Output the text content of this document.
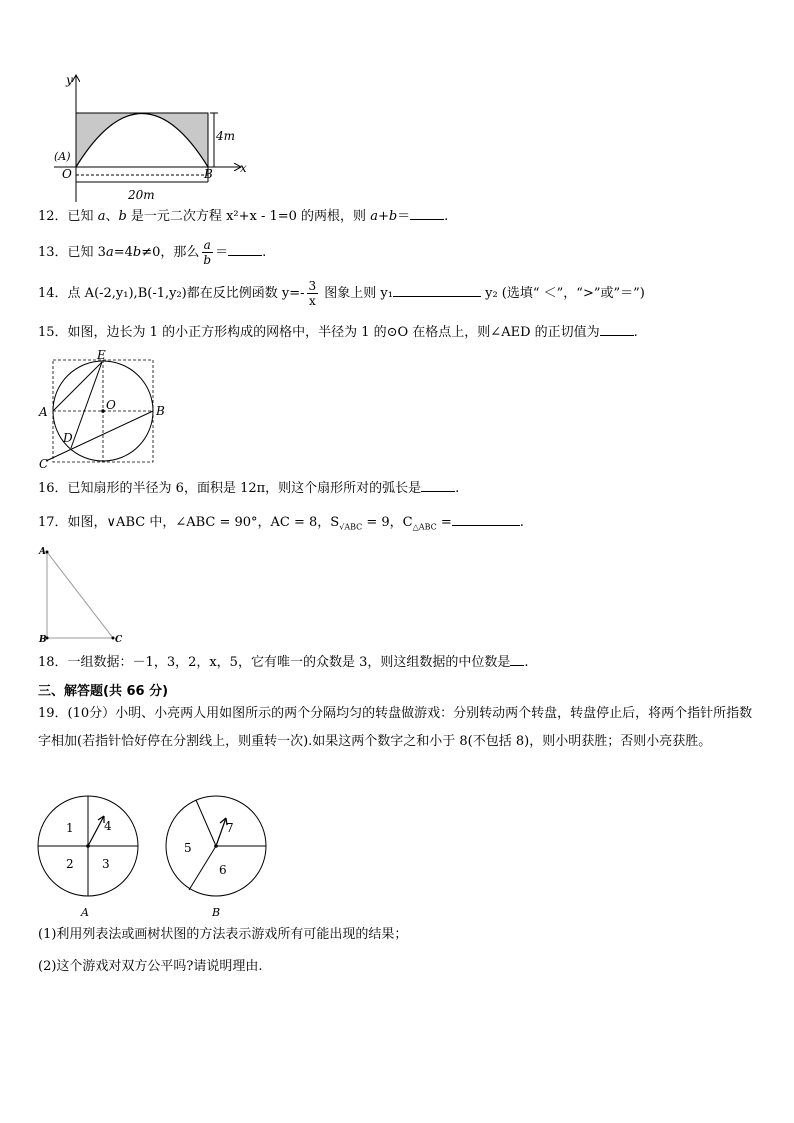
y
x
(A)
O	B
4m
20m
12．已知 a、b 是一元二次方程 x²+x - 1=0 的两根，则 a+b＝	.
13．已知 3a=4b≠0，那么 $\frac{a}{b}$ ＝	.
14．点 A(-2,y₁),B(-1,y₂)都在反比例函数 $y=- \frac{3}{x}$ 图象上则 y₁	y₂ (选填“ ＜”，“>”或”＝”)
15．如图，边长为 1 的小正方形构成的网格中，半径为 1 的⊙O 在格点上，则∠AED 的正切值为	.
E
O
A	B
D
C
16．已知扇形的半径为 6，面积是 12π，则这个扇形所对的弧长是	.
17．如图，∨ABC 中，∠ABC = 90°，AC = 8，$S_{√ABC} = 9$，$C_{\triangle ABC}$ =	.
A
B	C
18．一组数据：－1，3，2，x，5，它有唯一的众数是 3，则这组数据的中位数是 .
三、解答题(共 66 分)
19．(10分）小明、小亮两人用如图所示的两个分隔均匀的转盘做游戏：分别转动两个转盘，转盘停止后，将两个指针所指数字相加(若指针恰好停在分割线上，则重转一次).如果这两个数字之和小于 8(不包括 8)，则小明获胜；否则小亮获胜。
1	4
2 3
A
7
5
6
B
(1)利用列表法或画树状图的方法表示游戏所有可能出现的结果；
(2)这个游戏对双方公平吗?请说明理由.
